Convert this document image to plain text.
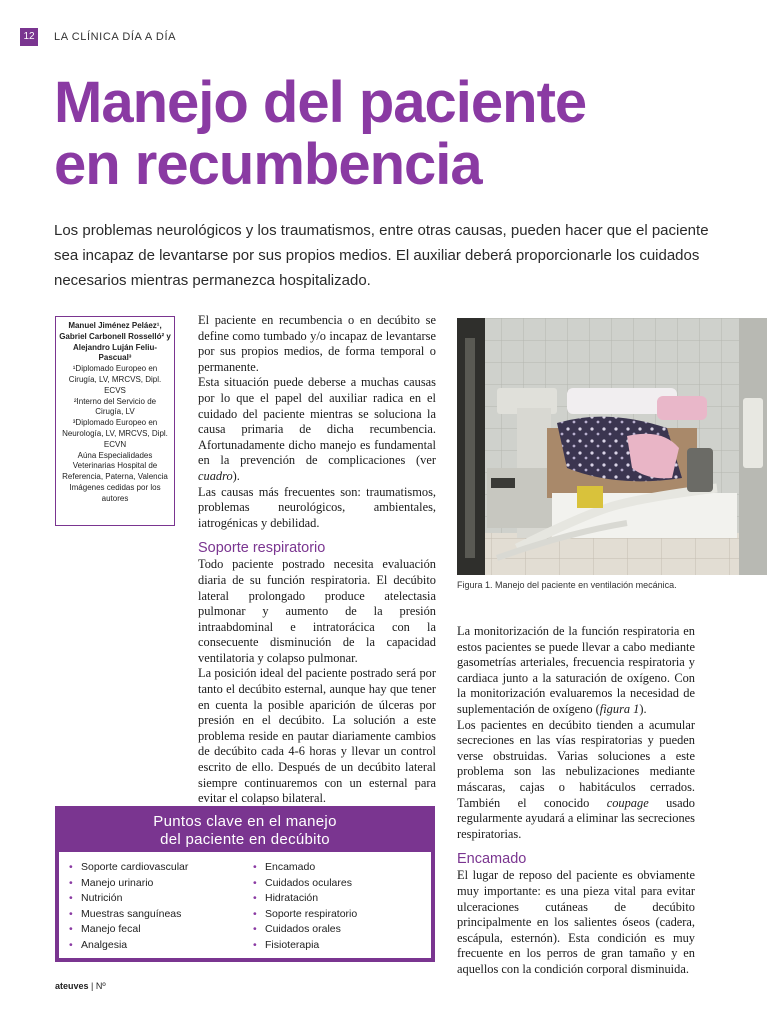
12	LA CLÍNICA DÍA A DÍA
Manejo del paciente
en recumbencia
Los problemas neurológicos y los traumatismos, entre otras causas, pueden hacer que el paciente sea incapaz de levantarse por sus propios medios. El auxiliar deberá proporcionarle los cuidados necesarios mientras permanezca hospitalizado.
Manuel Jiménez Peláez¹, Gabriel Carbonell Rosselló² y Alejandro Luján Feliu-Pascual³
¹Diplomado Europeo en Cirugía, LV, MRCVS, Dipl. ECVS
²Interno del Servicio de Cirugía, LV
³Diplomado Europeo en Neurología, LV, MRCVS, Dipl. ECVN
Aúna Especialidades Veterinarias Hospital de Referencia, Paterna, Valencia
Imágenes cedidas por los autores

El paciente en recumbencia o en decúbito se define como tumbado y/o incapaz de levantarse por sus propios medios, de forma temporal o permanente.

Esta situación puede deberse a muchas causas por lo que el papel del auxiliar radica en el cuidado del paciente mientras se soluciona la causa primaria de dicha recumbencia. Afortunadamente dicho manejo es fundamental en la prevención de complicaciones (ver cuadro).

Las causas más frecuentes son: traumatismos, problemas neurológicos, ambientales, iatrogénicas y debilidad.

Soporte respiratorio

Todo paciente postrado necesita evaluación diaria de su función respiratoria. El decúbito lateral prolongado produce atelectasia pulmonar y aumento de la presión intraabdominal e intratorácica con la consecuente disminución de la capacidad ventilatoria y colapso pulmonar.

La posición ideal del paciente postrado será por tanto el decúbito esternal, aunque hay que tener en cuenta la posible aparición de úlceras por presión en el decúbito. La solución a este problema reside en pautar diariamente cambios de decúbito cada 4-6 horas y llevar un control escrito de ello. Después de un decúbito lateral siempre continuaremos con un esternal para evitar el colapso bilateral.

Figura 1. Manejo del paciente en ventilación mecánica.

La monitorización de la función respiratoria en estos pacientes se puede llevar a cabo mediante gasometrías arteriales, frecuencia respiratoria y cardiaca junto a la saturación de oxígeno. Con la monitorización evaluaremos la necesidad de suplementación de oxígeno (figura 1).

Los pacientes en decúbito tienden a acumular secreciones en las vías respiratorias y pueden verse obstruidas. Varias soluciones a este problema son las nebulizaciones mediante máscaras, cajas o habitáculos cerrados. También el conocido coupage usado regularmente ayudará a eliminar las secreciones respiratorias.

Encamado

El lugar de reposo del paciente es obviamente muy importante: es una pieza vital para evitar ulceraciones cutáneas de decúbito principalmente en los salientes óseos (cadera, escápula, esternón). Esta condición es muy frecuente en los perros de gran tamaño y en aquellos con la condición corporal disminuida.

Puntos clave en el manejo
del paciente en decúbito
• Soporte cardiovascular
• Manejo urinario
• Nutrición
• Muestras sanguíneas
• Manejo fecal
• Analgesia
• Encamado
• Cuidados oculares
• Hidratación
• Soporte respiratorio
• Cuidados orales
• Fisioterapia
ateuves | Nº
